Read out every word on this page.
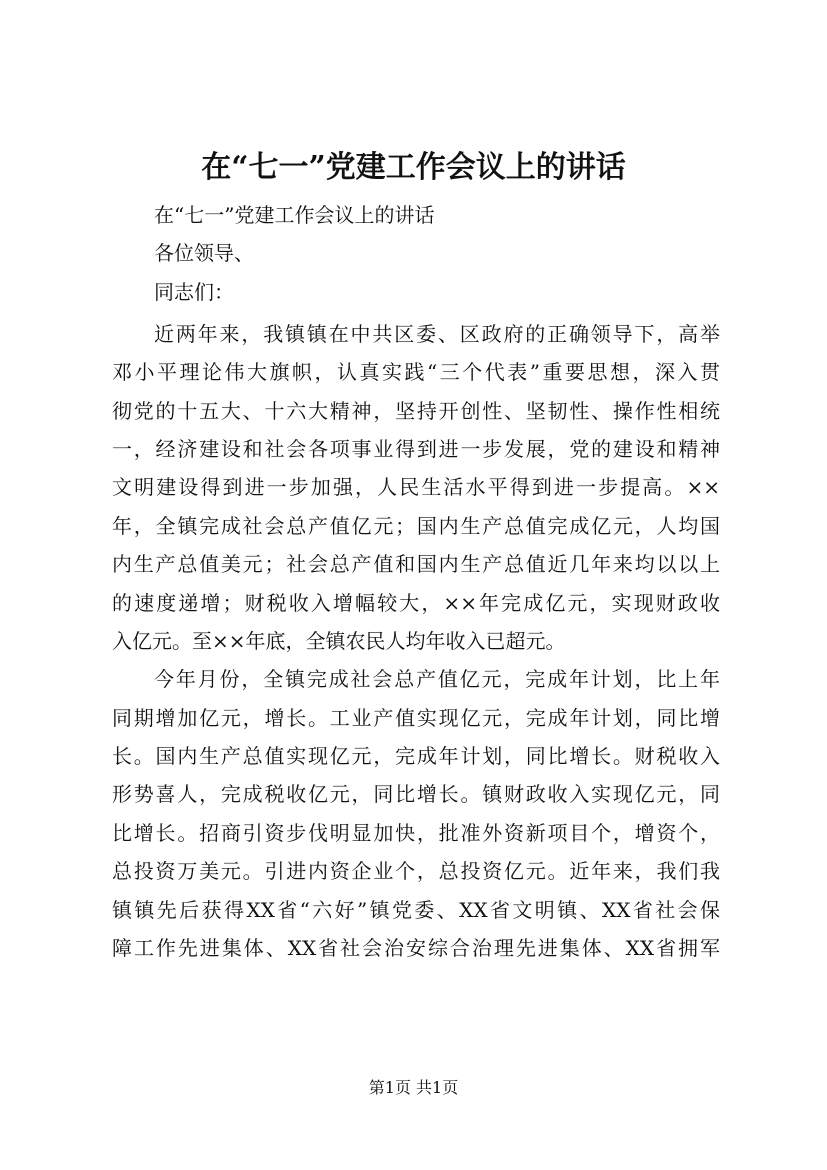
在“七一”党建工作会议上的讲话
在“七一”党建工作会议上的讲话
各位领导、
同志们：
近两年来，我镇镇在中共区委、区政府的正确领导下，高举
邓小平理论伟大旗帜，认真实践“三个代表”重要思想，深入贯
彻党的十五大、十六大精神，坚持开创性、坚韧性、操作性相统
一，经济建设和社会各项事业得到进一步发展，党的建设和精神
文明建设得到进一步加强，人民生活水平得到进一步提高。××
年，全镇完成社会总产值亿元；国内生产总值完成亿元，人均国
内生产总值美元；社会总产值和国内生产总值近几年来均以以上
的速度递增；财税收入增幅较大，××年完成亿元，实现财政收
入亿元。至××年底，全镇农民人均年收入已超元。
今年月份，全镇完成社会总产值亿元，完成年计划，比上年
同期增加亿元，增长。工业产值实现亿元，完成年计划，同比增
长。国内生产总值实现亿元，完成年计划，同比增长。财税收入
形势喜人，完成税收亿元，同比增长。镇财政收入实现亿元，同
比增长。招商引资步伐明显加快，批准外资新项目个，增资个，
总投资万美元。引进内资企业个，总投资亿元。近年来，我们我
镇镇先后获得XX省“六好”镇党委、XX省文明镇、XX省社会保
障工作先进集体、XX省社会治安综合治理先进集体、XX省拥军
第1页 共1页
